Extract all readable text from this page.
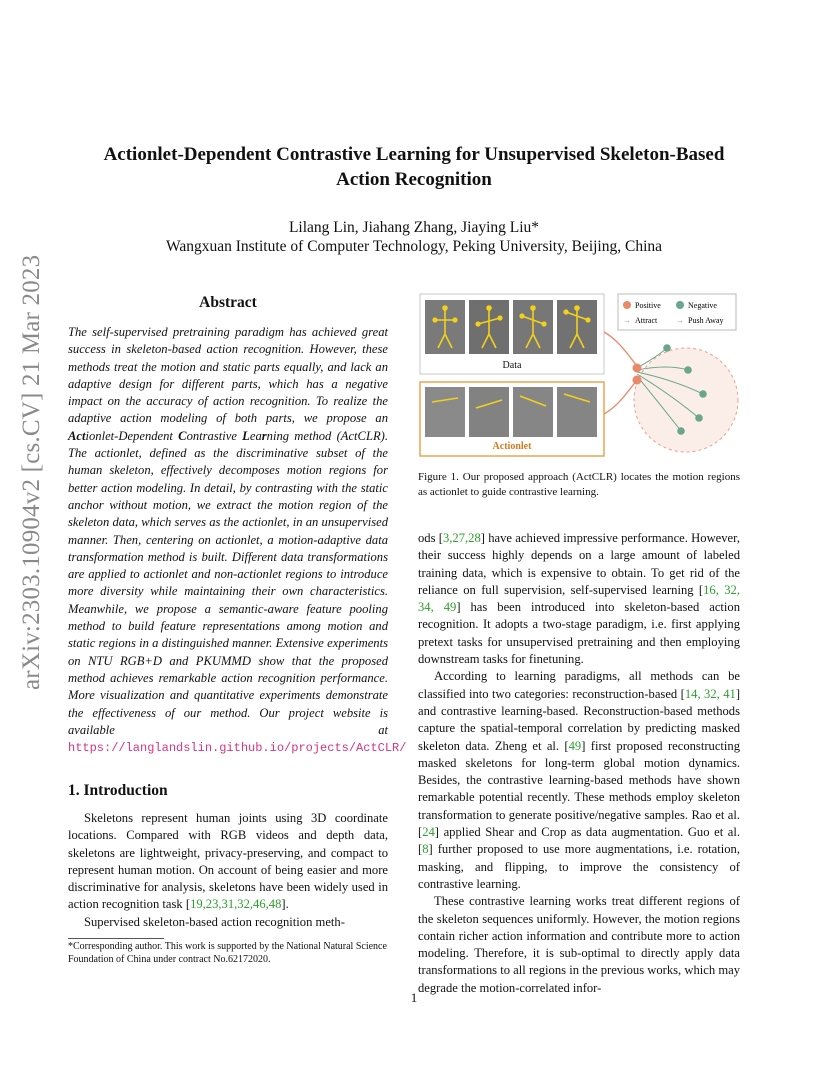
arXiv:2303.10904v2 [cs.CV] 21 Mar 2023
Actionlet-Dependent Contrastive Learning for Unsupervised Skeleton-Based
Action Recognition
Lilang Lin, Jiahang Zhang, Jiaying Liu*
Wangxuan Institute of Computer Technology, Peking University, Beijing, China
Abstract
The self-supervised pretraining paradigm has achieved great success in skeleton-based action recognition. However, these methods treat the motion and static parts equally, and lack an adaptive design for different parts, which has a negative impact on the accuracy of action recognition. To realize the adaptive action modeling of both parts, we propose an Actionlet-Dependent Contrastive Learning method (ActCLR). The actionlet, defined as the discriminative subset of the human skeleton, effectively decomposes motion regions for better action modeling. In detail, by contrasting with the static anchor without motion, we extract the motion region of the skeleton data, which serves as the actionlet, in an unsupervised manner. Then, centering on actionlet, a motion-adaptive data transformation method is built. Different data transformations are applied to actionlet and non-actionlet regions to introduce more diversity while maintaining their own characteristics. Meanwhile, we propose a semantic-aware feature pooling method to build feature representations among motion and static regions in a distinguished manner. Extensive experiments on NTU RGB+D and PKUMMD show that the proposed method achieves remarkable action recognition performance. More visualization and quantitative experiments demonstrate the effectiveness of our method. Our project website is available at https://langlandslin.github.io/projects/ActCLR/
1. Introduction

Skeletons represent human joints using 3D coordinate locations. Compared with RGB videos and depth data, skeletons are lightweight, privacy-preserving, and compact to represent human motion. On account of being easier and more discriminative for analysis, skeletons have been widely used in action recognition task [19,23,31,32,46,48].

Supervised skeleton-based action recognition meth-

*Corresponding author. This work is supported by the National Natural Science Foundation of China under contract No.62172020.
Data
Actionlet
Positive	Negative
→ Attract → Push Away
Figure 1. Our proposed approach (ActCLR) locates the motion regions as actionlet to guide contrastive learning.

ods [3,27,28] have achieved impressive performance. However, their success highly depends on a large amount of labeled training data, which is expensive to obtain. To get rid of the reliance on full supervision, self-supervised learning [16, 32, 34, 49] has been introduced into skeleton-based action recognition. It adopts a two-stage paradigm, i.e. first applying pretext tasks for unsupervised pretraining and then employing downstream tasks for finetuning.

According to learning paradigms, all methods can be classified into two categories: reconstruction-based [14, 32, 41] and contrastive learning-based. Reconstruction-based methods capture the spatial-temporal correlation by predicting masked skeleton data. Zheng et al. [49] first proposed reconstructing masked skeletons for long-term global motion dynamics. Besides, the contrastive learning-based methods have shown remarkable potential recently. These methods employ skeleton transformation to generate positive/negative samples. Rao et al. [24] applied Shear and Crop as data augmentation. Guo et al. [8] further proposed to use more augmentations, i.e. rotation, masking, and flipping, to improve the consistency of contrastive learning.

These contrastive learning works treat different regions of the skeleton sequences uniformly. However, the motion regions contain richer action information and contribute more to action modeling. Therefore, it is sub-optimal to directly apply data transformations to all regions in the previous works, which may degrade the motion-correlated infor-

1
